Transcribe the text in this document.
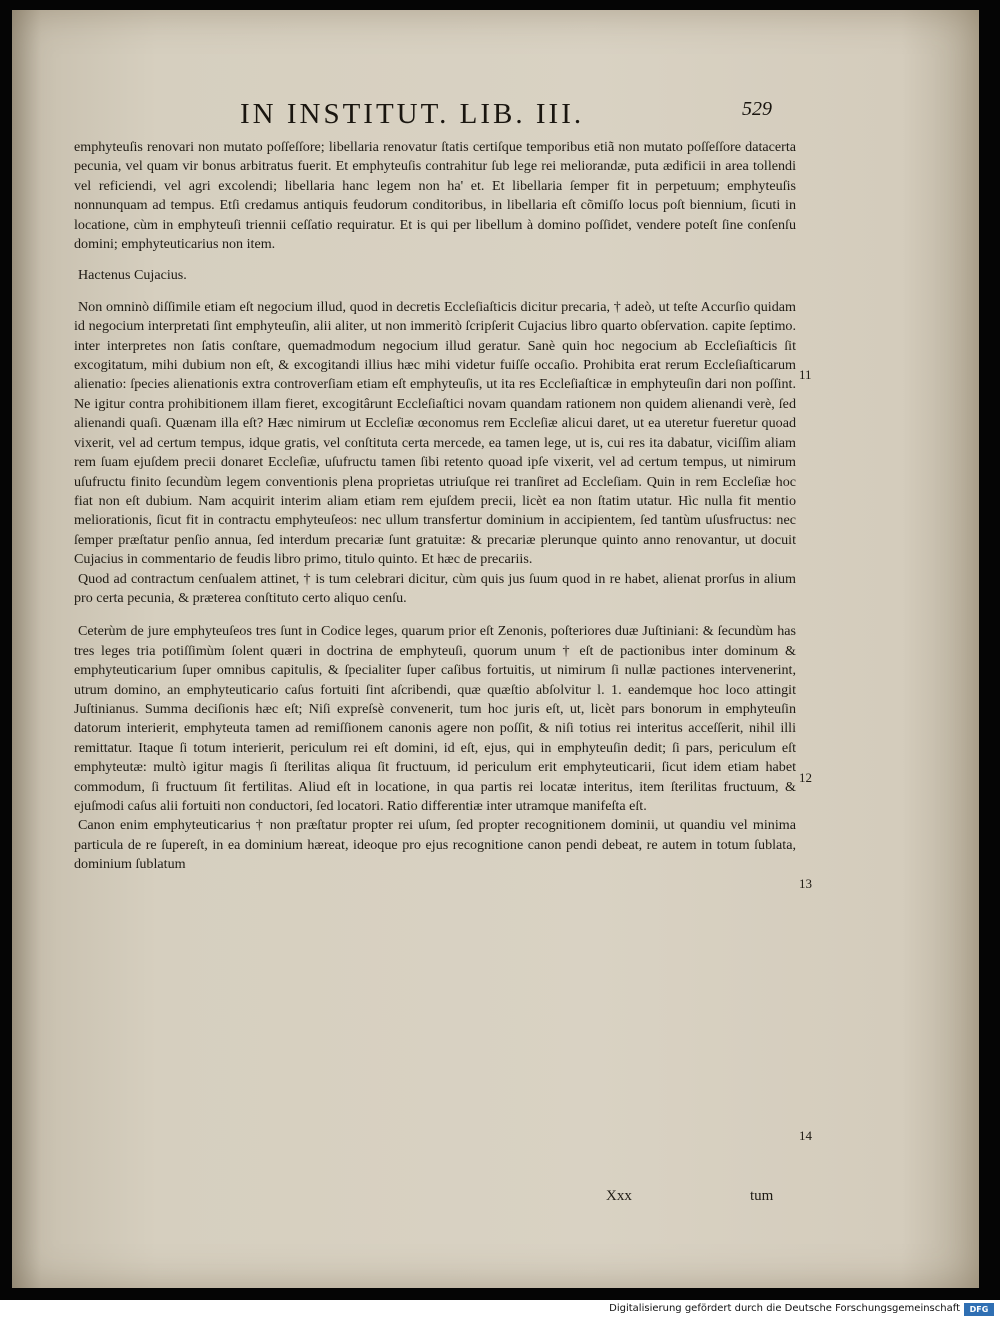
IN INSTITUT. LIB. III.	529

emphyteuſis renovari non mutato poſſeſſore; libellaria renovatur ſtatis certiſque temporibus etiã non mutato poſſeſſore datacerta pecunia, vel quam vir bonus arbitratus fuerit. Et emphyteuſis contrahitur ſub lege rei meliorandæ, puta ædificii in area tollendi vel reficiendi, vel agri excolendi; libellaria hanc legem non ha' et. Et libellaria ſemper fit in perpetuum; emphyteuſis nonnunquam ad tempus. Etſi credamus antiquis feudorum conditoribus, in libellaria eſt cõmiſſo locus poſt biennium, ſicuti in locatione, cùm in emphyteuſi triennii ceſſatio requiratur. Et is qui per libellum à domino poſſidet, vendere poteſt ſine conſenſu domini; emphyteuticarius non item.

Hactenus Cujacius.

Non omninò diſſimile etiam eſt negocium illud, quod in decretis Eccleſiaſticis dicitur precaria, † adeò, ut teſte Accurſio quidam id negocium interpretati ſint emphyteuſin, alii aliter, ut non immeritò ſcripſerit Cujacius libro quarto obſervation. capite ſeptimo. inter interpretes non ſatis conſtare, quemadmodum negocium illud geratur. Sanè quin hoc negocium ab Eccleſiaſticis ſit excogitatum, mihi dubium non eſt, & excogitandi illius hæc mihi videtur fuiſſe occaſio. Prohibita erat rerum Eccleſiaſticarum alienatio: ſpecies alienationis extra controverſiam etiam eſt emphyteuſis, ut ita res Eccleſiaſticæ in emphyteuſin dari non poſſint. Ne igitur contra prohibitionem illam fieret, excogitârunt Eccleſiaſtici novam quandam rationem non quidem alienandi verè, ſed alienandi quaſi. Quænam illa eſt? Hæc nimirum ut Eccleſiæ œconomus rem Eccleſiæ alicui daret, ut ea uteretur fueretur quoad vixerit, vel ad certum tempus, idque gratis, vel conſtituta certa mercede, ea tamen lege, ut is, cui res ita dabatur, viciſſim aliam rem ſuam ejuſdem precii donaret Eccleſiæ, uſufructu tamen ſibi retento quoad ipſe vixerit, vel ad certum tempus, ut nimirum uſufructu finito ſecundùm legem conventionis plena proprietas utriuſque rei tranſiret ad Eccleſiam. Quin in rem Eccleſiæ hoc fiat non eſt dubium. Nam acquirit interim aliam etiam rem ejuſdem precii, licèt ea non ſtatim utatur. Hìc nulla fit mentio meliorationis, ſicut fit in contractu emphyteuſeos: nec ullum transfertur dominium in accipientem, ſed tantùm uſusfructus: nec ſemper præſtatur penſio annua, ſed interdum precariæ ſunt gratuitæ: & precariæ plerunque quinto anno renovantur, ut docuit Cujacius in commentario de feudis libro primo, titulo quinto. Et hæc de precariis.

Quod ad contractum cenſualem attinet, † is tum celebrari dicitur, cùm quis jus ſuum quod in re habet, alienat prorſus in alium pro certa pecunia, & præterea conſtituto certo aliquo cenſu.

Ceterùm de jure emphyteuſeos tres ſunt in Codice leges, quarum prior eſt Zenonis, poſteriores duæ Juſtiniani: & ſecundùm has tres leges tria potiſſimùm ſolent quæri in doctrina de emphyteuſi, quorum unum † eſt de pactionibus inter dominum & emphyteuticarium ſuper omnibus capitulis, & ſpecialiter ſuper caſibus fortuitis, ut nimirum ſi nullæ pactiones intervenerint, utrum domino, an emphyteuticario caſus fortuiti ſint aſcribendi, quæ quæſtio abſolvitur l. 1. eandemque hoc loco attingit Juſtinianus. Summa deciſionis hæc eſt; Niſi expreſsè convenerit, tum hoc juris eſt, ut, licèt pars bonorum in emphyteuſin datorum interierit, emphyteuta tamen ad remiſſionem canonis agere non poſſit, & niſi totius rei interitus acceſſerit, nihil illi remittatur. Itaque ſi totum interierit, periculum rei eſt domini, id eſt, ejus, qui in emphyteuſin dedit; ſi pars, periculum eſt emphyteutæ: multò igitur magis ſi ſterilitas aliqua ſit fructuum, id periculum erit emphyteuticarii, ſicut idem etiam habet commodum, ſi fructuum ſit fertilitas. Aliud eſt in locatione, in qua partis rei locatæ interitus, item ſterilitas fructuum, & ejuſmodi caſus alii fortuiti non conductori, ſed locatori. Ratio differentiæ inter utramque manifeſta eſt.

Canon enim emphyteuticarius † non præſtatur propter rei uſum, ſed propter recognitionem dominii, ut quandiu vel minima particula de re ſupereſt, in ea dominium hæreat, ideoque pro ejus recognitione canon pendi debeat, re autem in totum ſublata, dominium ſublatum

11
12
13
14
Xxx	tum
Digitalisierung gefördert durch die Deutsche Forschungsgemeinschaft	DFG
